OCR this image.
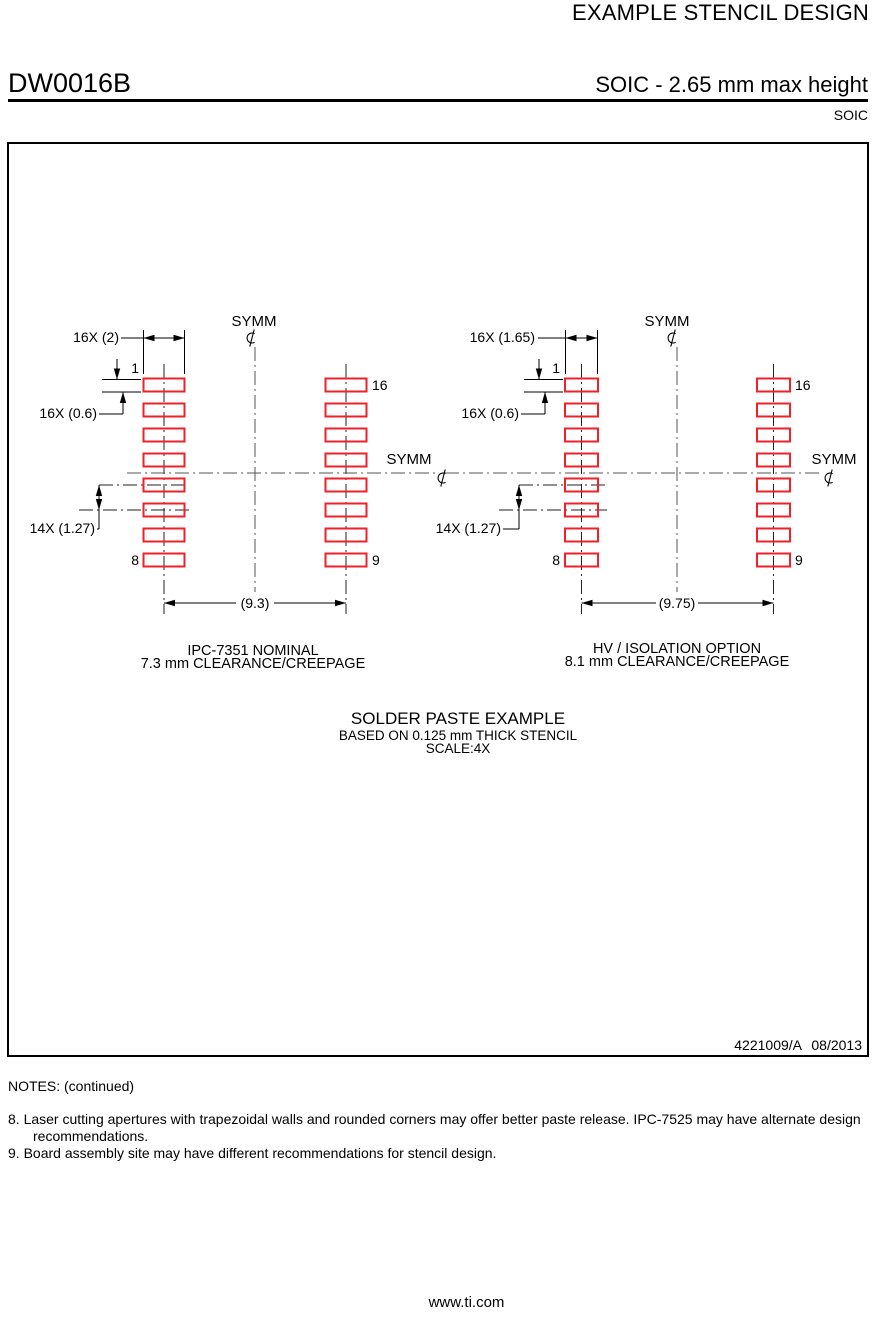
EXAMPLE STENCIL DESIGN
DW0016B	SOIC - 2.65 mm max height
SOIC
16X (2)
1
16X (0.6)
14X (1.27)
(9.3)
16
9
8
SYMM
SYMM
IPC-7351 NOMINAL
7.3 mm CLEARANCE/CREEPAGE
16X (1.65)
1
16X (0.6)
14X (1.27)
(9.75)
16
9
8
SYMM
SYMM
HV / ISOLATION OPTION
8.1 mm CLEARANCE/CREEPAGE
SOLDER PASTE EXAMPLE
BASED ON 0.125 mm THICK STENCIL
SCALE:4X
4221009/A 08/2013

NOTES: (continued)

8. Laser cutting apertures with trapezoidal walls and rounded corners may offer better paste release. IPC-7525 may have alternate design recommendations.

9. Board assembly site may have different recommendations for stencil design.

www.ti.com
